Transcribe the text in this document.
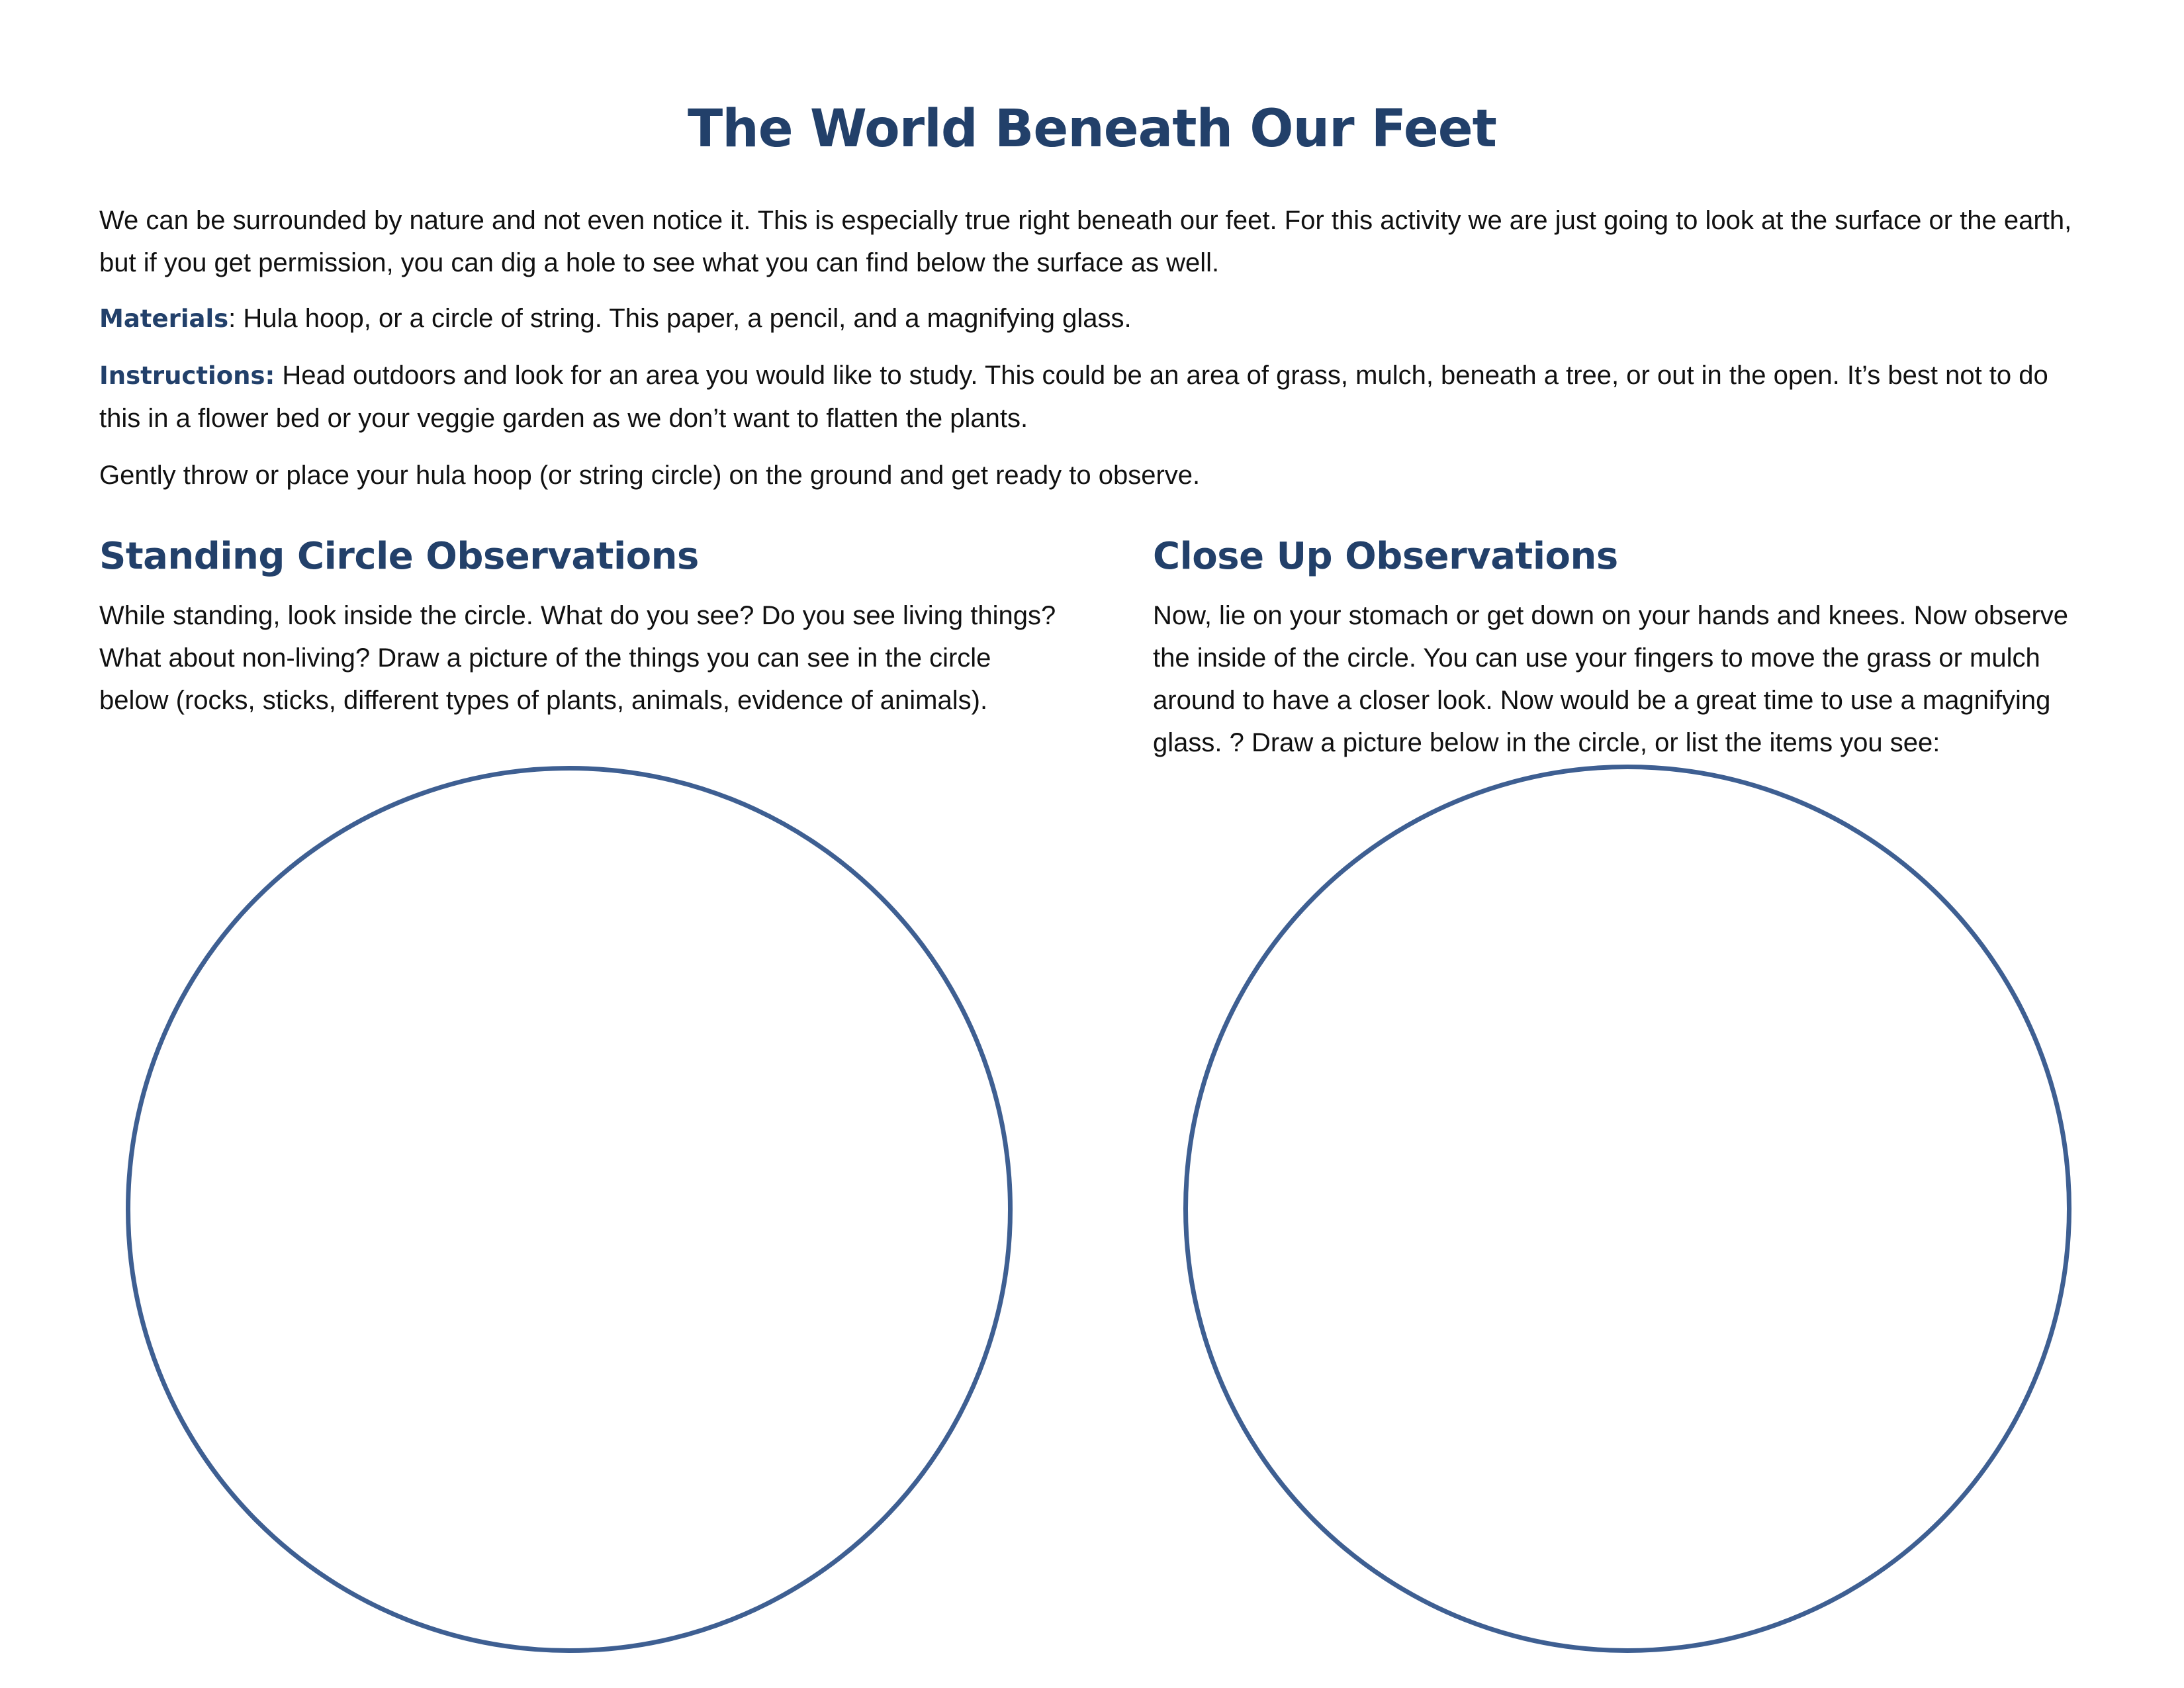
The World Beneath Our Feet

We can be surrounded by nature and not even notice it. This is especially true right beneath our feet. For this activity we are just going to look at the surface or the earth, but if you get permission, you can dig a hole to see what you can find below the surface as well.

Materials: Hula hoop, or a circle of string. This paper, a pencil, and a magnifying glass.

Instructions: Head outdoors and look for an area you would like to study. This could be an area of grass, mulch, beneath a tree, or out in the open. It’s best not to do this in a flower bed or your veggie garden as we don’t want to flatten the plants.

Gently throw or place your hula hoop (or string circle) on the ground and get ready to observe.

Standing Circle Observations

While standing, look inside the circle. What do you see? Do you see living things? What about non-living? Draw a picture of the things you can see in the circle below (rocks, sticks, different types of plants, animals, evidence of animals).

Close Up Observations

Now, lie on your stomach or get down on your hands and knees. Now observe the inside of the circle. You can use your fingers to move the grass or mulch around to have a closer look. Now would be a great time to use a magnifying glass. ? Draw a picture below in the circle, or list the items you see:
